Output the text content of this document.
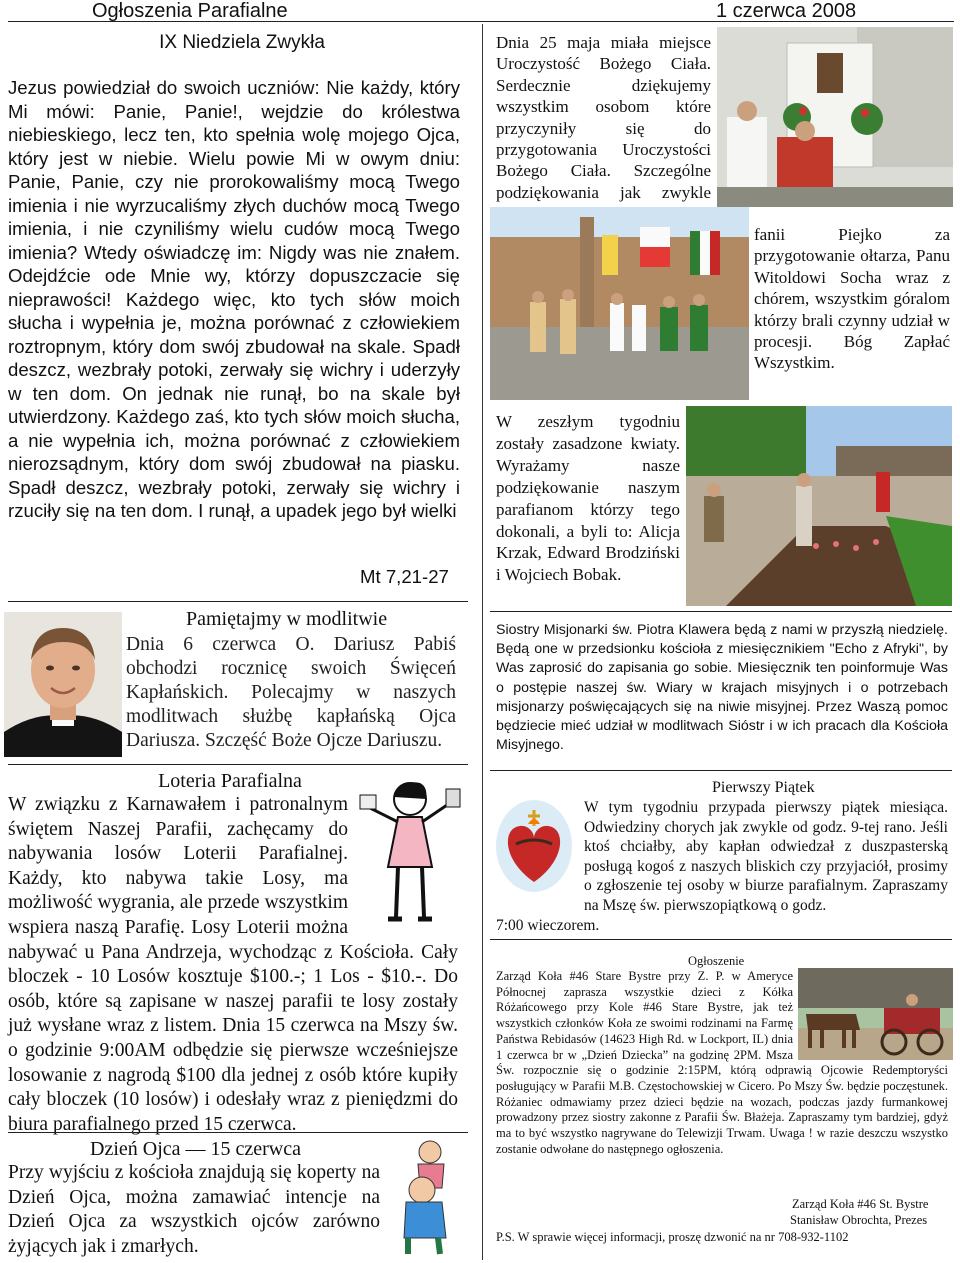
Ogłoszenia Parafialne	1 czerwca 2008
IX Niedziela Zwykła
Jezus powiedział do swoich uczniów: Nie każdy, który Mi mówi: Panie, Panie!, wejdzie do królestwa niebieskiego, lecz ten, kto spełnia wolę mojego Ojca, który jest w niebie. Wielu powie Mi w owym dniu: Panie, Panie, czy nie prorokowaliśmy mocą Twego imienia i nie wyrzucaliśmy złych duchów mocą Twego imienia, i nie czyniliśmy wielu cudów mocą Twego imienia? Wtedy oświadczę im: Nigdy was nie znałem. Odejdźcie ode Mnie wy, którzy dopuszczacie się nieprawości! Każdego więc, kto tych słów moich słucha i wypełnia je, można porównać z człowiekiem roztropnym, który dom swój zbudował na skale. Spadł deszcz, wezbrały potoki, zerwały się wichry i uderzyły w ten dom. On jednak nie runął, bo na skale był utwierdzony. Każdego zaś, kto tych słów moich słucha, a nie wypełnia ich, można porównać z człowiekiem nierozsądnym, który dom swój zbudował na piasku. Spadł deszcz, wezbrały potoki, zerwały się wichry i rzuciły się na ten dom. I runął, a upadek jego był wielki
Mt 7,21-27
Pamiętajmy w modlitwie
Dnia 6 czerwca O. Dariusz Pabiś obchodzi rocznicę swoich Święceń Kapłańskich. Polecajmy w naszych modlitwach służbę kapłańską Ojca Dariusza. Szczęść Boże Ojcze Dariuszu.
Loteria Parafialna
W związku z Karnawałem i patronalnym świętem Naszej Parafii, zachęcamy do nabywania losów Loterii Parafialnej. Każdy, kto nabywa takie Losy, ma możliwość wygrania, ale przede wszystkim wspiera naszą Parafię. Losy Loterii można nabywać u Pana Andrzeja, wychodząc z Kościoła. Cały bloczek - 10 Losów kosztuje $100.-; 1 Los - $10.-. Do osób, które są zapisane w naszej parafii te losy zostały już wysłane wraz z listem. Dnia 15 czerwca na Mszy św. o godzinie 9:00AM odbędzie się pierwsze wcześniejsze losowanie z nagrodą $100 dla jednej z osób które kupiły cały bloczek (10 losów) i odesłały wraz z pieniędzmi do biura parafialnego przed 15 czerwca.
Dzień Ojca — 15 czerwca
Przy wyjściu z kościoła znajdują się koperty na Dzień Ojca, można zamawiać intencje na Dzień Ojca za wszystkich ojców zarówno żyjących jak i zmarłych.
Dnia 25 maja miała miejsce Uroczystość Bożego Ciała. Serdecznie dziękujemy wszystkim osobom które przyczyniły się do przygotowania Uroczystości Bożego Ciała. Szczególne podziękowania jak zwykle
fanii Piejko za przygotowanie ołtarza, Panu Witoldowi Socha wraz z chórem, wszystkim góralom którzy brali czynny udział w procesji. Bóg Zapłać Wszystkim.
W zeszłym tygodniu zostały zasadzone kwiaty. Wyrażamy nasze podziękowanie naszym parafianom którzy tego dokonali, a byli to: Alicja Krzak, Edward Brodziński i Wojciech Bobak.
Siostry Misjonarki św. Piotra Klawera będą z nami w przyszłą niedzielę. Będą one w przedsionku kościoła z miesięcznikiem "Echo z Afryki", by Was zaprosić do zapisania go sobie. Miesięcznik ten poinformuje Was o postępie naszej św. Wiary w krajach misyjnych i o potrzebach misjonarzy poświęcających się na niwie misyjnej. Przez Waszą pomoc będziecie mieć udział w modlitwach Sióstr i w ich pracach dla Kościoła Misyjnego.
Pierwszy Piątek
W tym tygodniu przypada pierwszy piątek miesiąca. Odwiedziny chorych jak zwykle od godz. 9-tej rano. Jeśli ktoś chciałby, aby kapłan odwiedzał z duszpasterską posługą kogoś z naszych bliskich czy przyjaciół, prosimy o zgłoszenie tej osoby w biurze parafialnym. Zapraszamy na Mszę św. pierwszopiątkową o godz.
7:00 wieczorem.
Ogłoszenie
Zarząd Koła #46 Stare Bystre przy Z. P. w Ameryce Północnej zaprasza wszystkie dzieci z Kółka Różańcowego przy Kole #46 Stare Bystre, jak też wszystkich członków Koła ze swoimi rodzinami na Farmę Państwa Rebidasów (14623 High Rd. w Lockport, IL) dnia 1 czerwca br w „Dzień Dziecka” na godzinę 2PM. Msza Św. rozpocznie się o godzinie 2:15PM, którą odprawią Ojcowie Redemptoryści posługujący w Parafii M.B. Częstochowskiej w Cicero. Po Mszy Św. będzie poczęstunek. Różaniec odmawiamy przez dzieci będzie na wozach, podczas jazdy furmankowej prowadzony przez siostry zakonne z Parafii Św. Błażeja. Zapraszamy tym bardziej, gdyż ma to być wszystko nagrywane do Telewizji Trwam. Uwaga ! w razie deszczu wszystko zostanie odwołane do następnego ogłoszenia.
Zarząd Koła #46 St. Bystre
Stanisław Obrochta, Prezes
P.S. W sprawie więcej informacji, proszę dzwonić na nr 708-932-1102
